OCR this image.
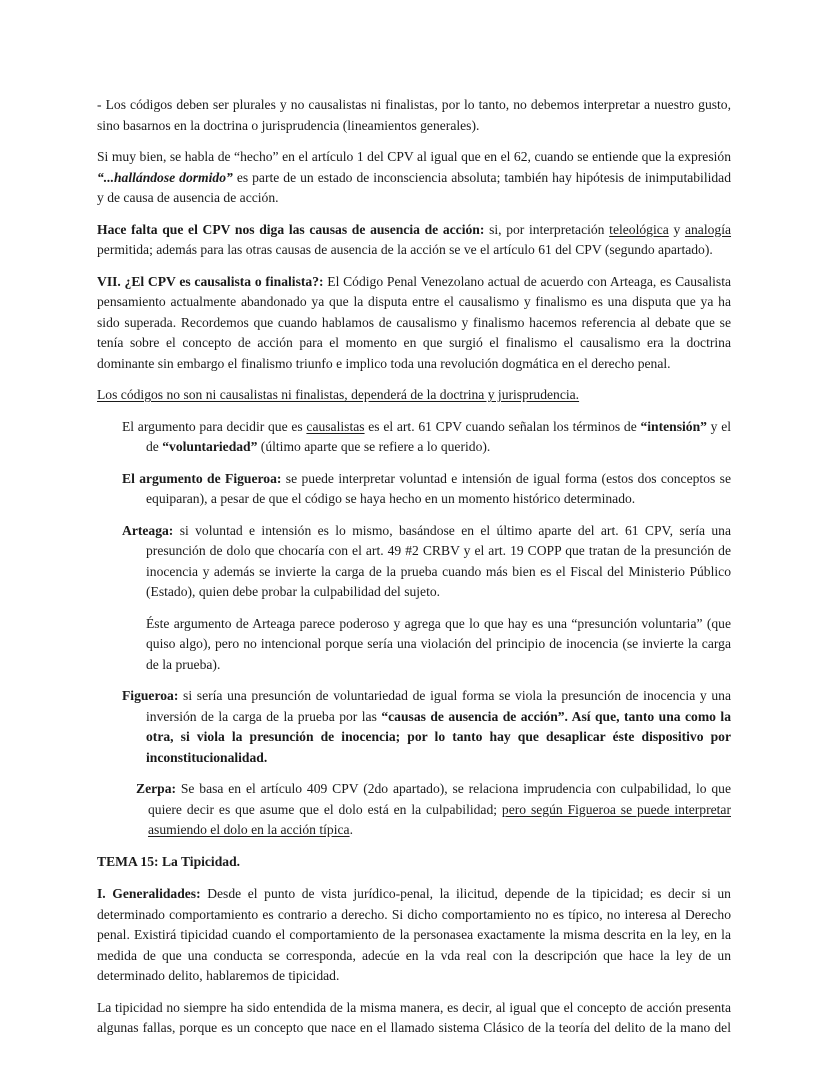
- Los códigos deben ser plurales y no causalistas ni finalistas, por lo tanto, no debemos interpretar a nuestro gusto, sino basarnos en la doctrina o jurisprudencia (lineamientos generales).

Si muy bien, se habla de “hecho” en el artículo 1 del CPV al igual que en el 62, cuando se entiende que la expresión “...hallándose dormido” es parte de un estado de inconsciencia absoluta; también hay hipótesis de inimputabilidad y de causa de ausencia de acción.

Hace falta que el CPV nos diga las causas de ausencia de acción: si, por interpretación teleológica y analogía permitida; además para las otras causas de ausencia de la acción se ve el artículo 61 del CPV (segundo apartado).

VII. ¿El CPV es causalista o finalista?: El Código Penal Venezolano actual de acuerdo con Arteaga, es Causalista pensamiento actualmente abandonado ya que la disputa entre el causalismo y finalismo es una disputa que ya ha sido superada. Recordemos que cuando hablamos de causalismo y finalismo hacemos referencia al debate que se tenía sobre el concepto de acción para el momento en que surgió el finalismo el causalismo era la doctrina dominante sin embargo el finalismo triunfo e implico toda una revolución dogmática en el derecho penal.

Los códigos no son ni causalistas ni finalistas, dependerá de la doctrina y jurisprudencia.

El argumento para decidir que es causalistas es el art. 61 CPV cuando señalan los términos de “intensión” y el de “voluntariedad” (último aparte que se refiere a lo querido).

El argumento de Figueroa: se puede interpretar voluntad e intensión de igual forma (estos dos conceptos se equiparan), a pesar de que el código se haya hecho en un momento histórico determinado.

Arteaga: si voluntad e intensión es lo mismo, basándose en el último aparte del art. 61 CPV, sería una presunción de dolo que chocaría con el art. 49 #2 CRBV y el art. 19 COPP que tratan de la presunción de inocencia y además se invierte la carga de la prueba cuando más bien es el Fiscal del Ministerio Público (Estado), quien debe probar la culpabilidad del sujeto.

Éste argumento de Arteaga parece poderoso y agrega que lo que hay es una “presunción voluntaria” (que quiso algo), pero no intencional porque sería una violación del principio de inocencia (se invierte la carga de la prueba).

Figueroa: si sería una presunción de voluntariedad de igual forma se viola la presunción de inocencia y una inversión de la carga de la prueba por las “causas de ausencia de acción”. Así que, tanto una como la otra, si viola la presunción de inocencia; por lo tanto hay que desaplicar éste dispositivo por inconstitucionalidad.

Zerpa: Se basa en el artículo 409 CPV (2do apartado), se relaciona imprudencia con culpabilidad, lo que quiere decir es que asume que el dolo está en la culpabilidad; pero según Figueroa se puede interpretar asumiendo el dolo en la acción típica.

TEMA 15: La Tipicidad.

I. Generalidades: Desde el punto de vista jurídico-penal, la ilicitud, depende de la tipicidad; es decir si un determinado comportamiento es contrario a derecho. Si dicho comportamiento no es típico, no interesa al Derecho penal. Existirá tipicidad cuando el comportamiento de la personasea exactamente la misma descrita en la ley, en la medida de que una conducta se corresponda, adecúe en la vda real con la descripción que hace la ley de un determinado delito, hablaremos de tipicidad.

La tipicidad no siempre ha sido entendida de la misma manera, es decir, al igual que el concepto de acción presenta algunas fallas, porque es un concepto que nace en el llamado sistema Clásico de la teoría del delito de la mano del
